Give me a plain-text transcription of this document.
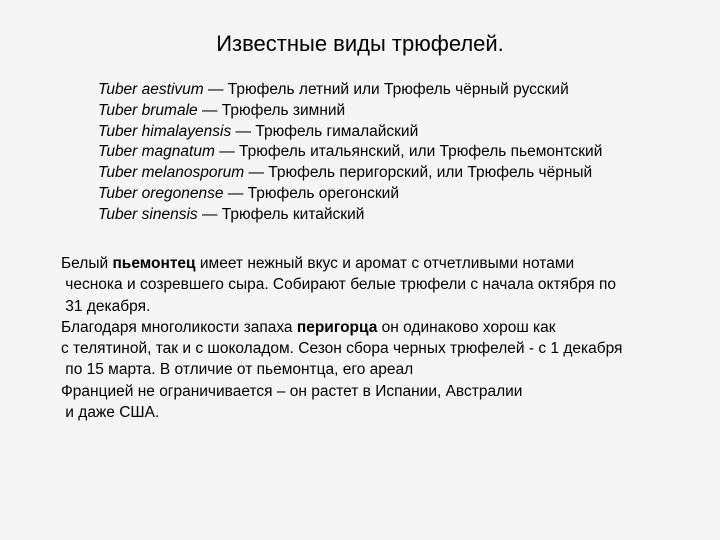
Известные виды трюфелей.
Tuber aestivum — Трюфель летний или Трюфель чёрный русский
Tuber brumale — Трюфель зимний
Tuber himalayensis — Трюфель гималайский
Tuber magnatum — Трюфель итальянский, или Трюфель пьемонтский
Tuber melanosporum — Трюфель перигорский, или Трюфель чёрный
Tuber oregonense — Трюфель орегонский
Tuber sinensis — Трюфель китайский
Белый пьемонтец имеет нежный вкус и аромат с отчетливыми нотами
чеснока и созревшего сыра. Собирают белые трюфели с начала октября по
31 декабря.
Благодаря многоликости запаха перигорца он одинаково хорош как
с телятиной, так и с шоколадом. Сезон сбора черных трюфелей - с 1 декабря
по 15 марта. В отличие от пьемонтца, его ареал
Францией не ограничивается – он растет в Испании, Австралии
и даже США.
